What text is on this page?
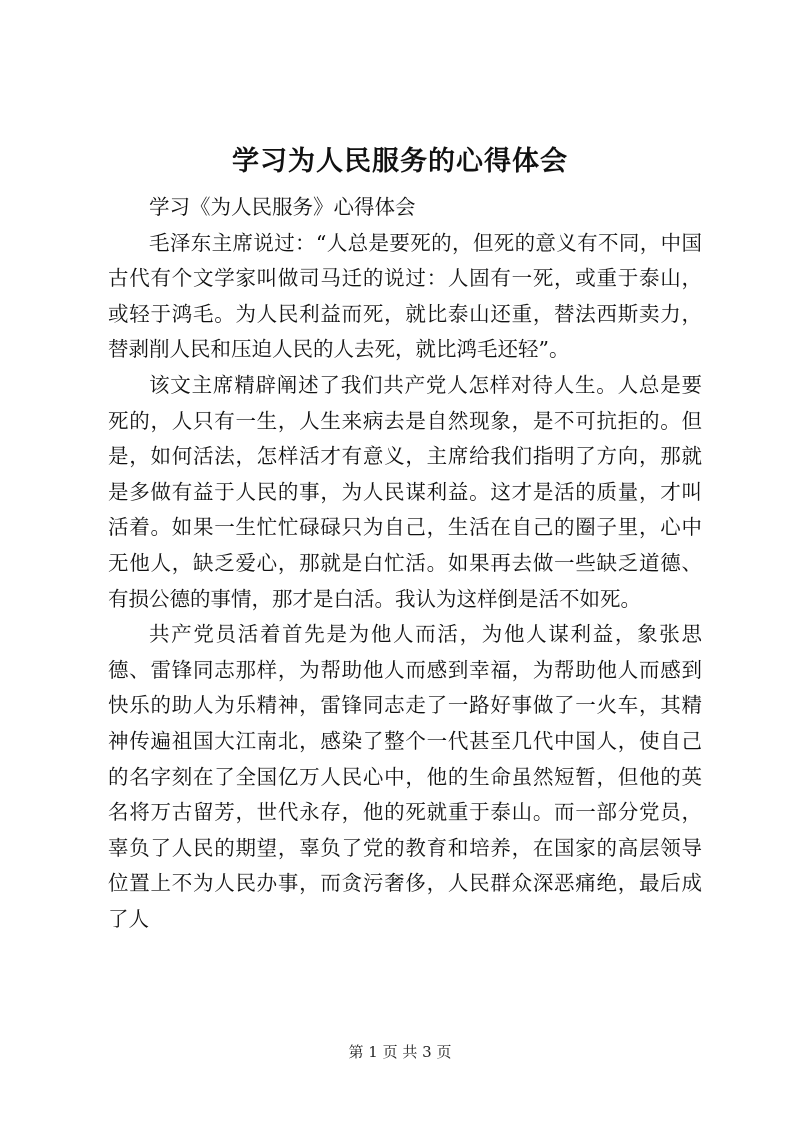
学习为人民服务的心得体会

学习《为人民服务》心得体会

毛泽东主席说过：“人总是要死的，但死的意义有不同，中国古代有个文学家叫做司马迁的说过：人固有一死，或重于泰山，或轻于鸿毛。为人民利益而死，就比泰山还重，替法西斯卖力，替剥削人民和压迫人民的人去死，就比鸿毛还轻”。

该文主席精辟阐述了我们共产党人怎样对待人生。人总是要死的，人只有一生，人生来病去是自然现象，是不可抗拒的。但是，如何活法，怎样活才有意义，主席给我们指明了方向，那就是多做有益于人民的事，为人民谋利益。这才是活的质量，才叫活着。如果一生忙忙碌碌只为自己，生活在自己的圈子里，心中无他人，缺乏爱心，那就是白忙活。如果再去做一些缺乏道德、有损公德的事情，那才是白活。我认为这样倒是活不如死。

共产党员活着首先是为他人而活，为他人谋利益，象张思德、雷锋同志那样，为帮助他人而感到幸福，为帮助他人而感到快乐的助人为乐精神，雷锋同志走了一路好事做了一火车，其精神传遍祖国大江南北，感染了整个一代甚至几代中国人，使自己的名字刻在了全国亿万人民心中，他的生命虽然短暂，但他的英名将万古留芳，世代永存，他的死就重于泰山。而一部分党员，辜负了人民的期望，辜负了党的教育和培养，在国家的高层领导位置上不为人民办事，而贪污奢侈，人民群众深恶痛绝，最后成了人

第 1 页 共 3 页
